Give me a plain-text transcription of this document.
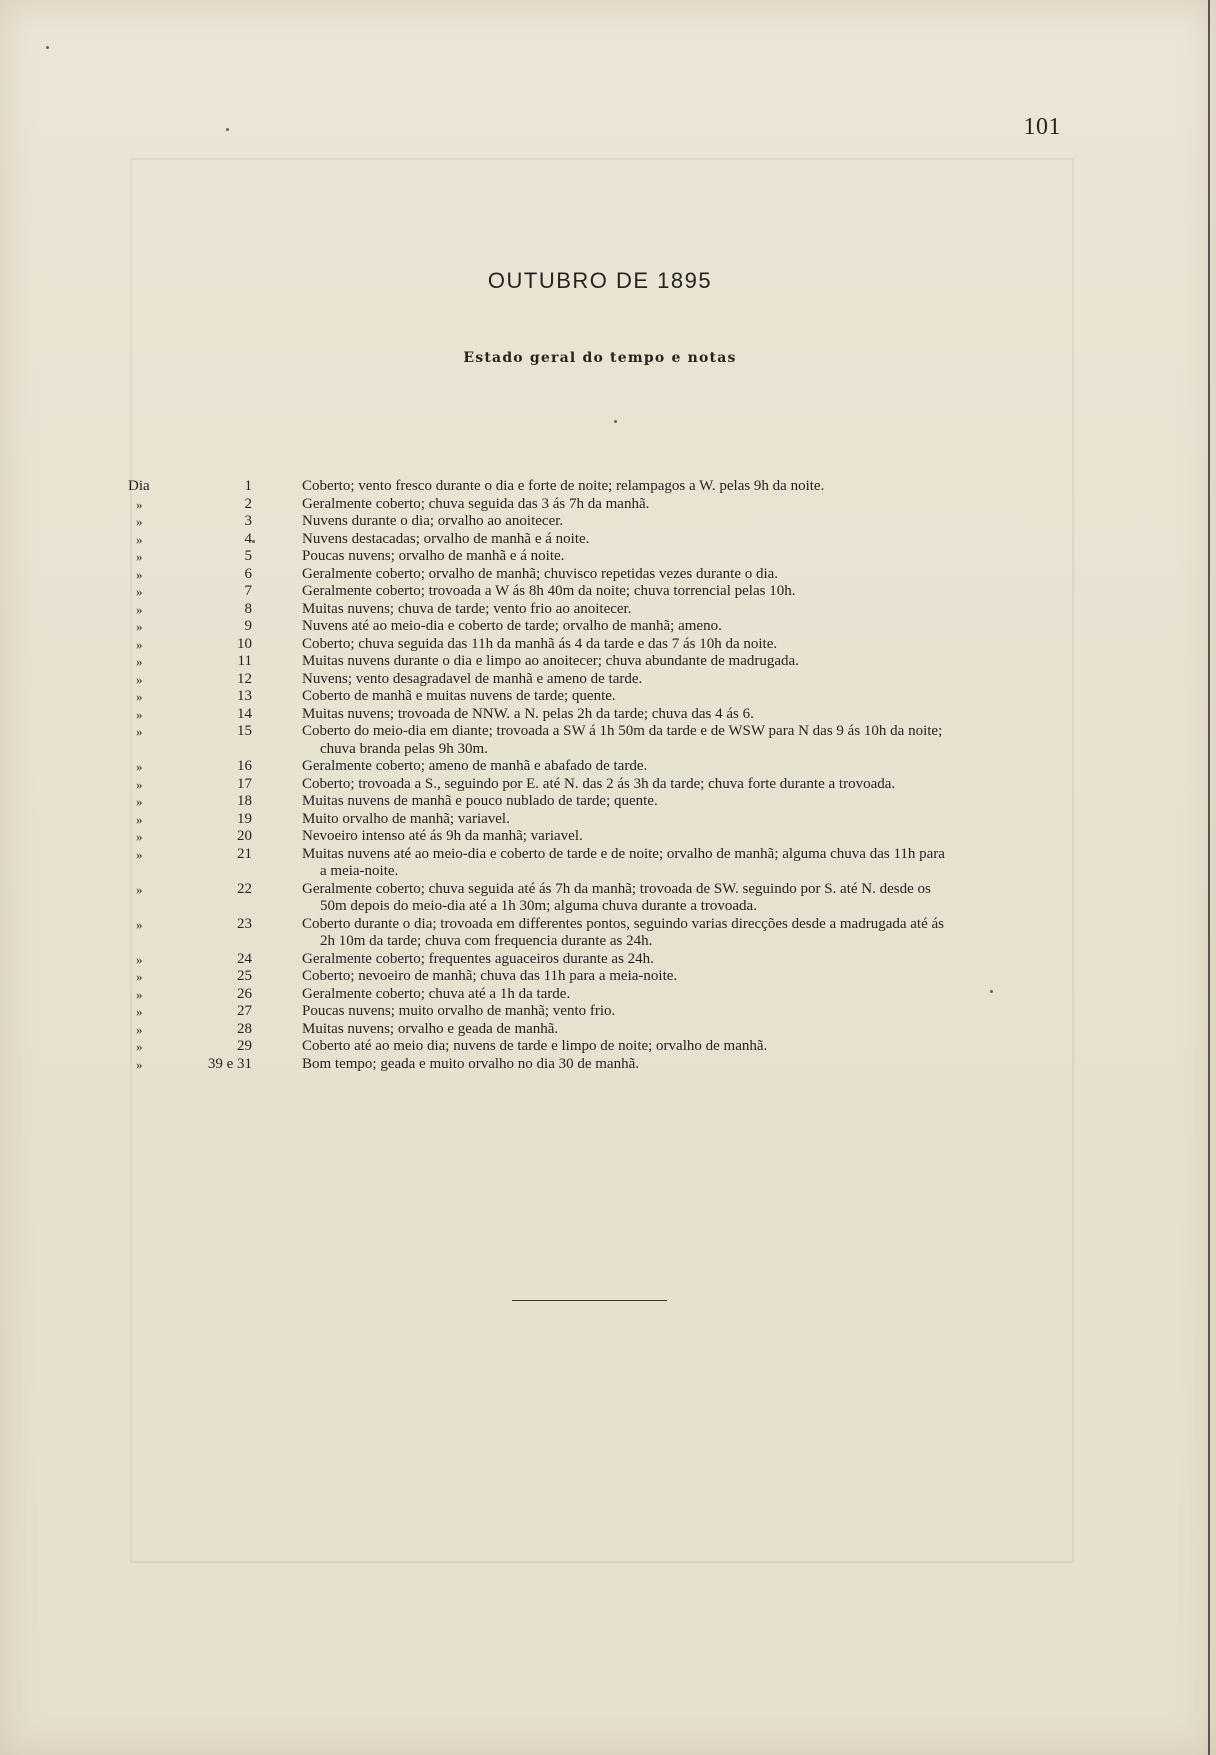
101
OUTUBRO DE 1895
Estado geral do tempo e notas
Dia	1	Coberto; vento fresco durante o dia e forte de noite; relampagos a W. pelas 9h da noite.
»	2	Geralmente coberto; chuva seguida das 3 ás 7h da manhã.
»	3	Nuvens durante o dia; orvalho ao anoitecer.
»	4	Nuvens destacadas; orvalho de manhã e á noite.
»	5	Poucas nuvens; orvalho de manhã e á noite.
»	6	Geralmente coberto; orvalho de manhã; chuvisco repetidas vezes durante o dia.
»	7	Geralmente coberto; trovoada a W ás 8h 40m da noite; chuva torrencial pelas 10h.
»	8	Muitas nuvens; chuva de tarde; vento frio ao anoitecer.
»	9	Nuvens até ao meio-dia e coberto de tarde; orvalho de manhã; ameno.
»	10	Coberto; chuva seguida das 11h da manhã ás 4 da tarde e das 7 ás 10h da noite.
»	11	Muitas nuvens durante o dia e limpo ao anoitecer; chuva abundante de madrugada.
»	12	Nuvens; vento desagradavel de manhã e ameno de tarde.
»	13	Coberto de manhã e muitas nuvens de tarde; quente.
»	14	Muitas nuvens; trovoada de NNW. a N. pelas 2h da tarde; chuva das 4 ás 6.
»	15	Coberto do meio-dia em diante; trovoada a SW á 1h 50m da tarde e de WSW para N das 9 ás 10h da noite;
chuva branda pelas 9h 30m.
»	16	Geralmente coberto; ameno de manhã e abafado de tarde.
»	17	Coberto; trovoada a S., seguindo por E. até N. das 2 ás 3h da tarde; chuva forte durante a trovoada.
»	18	Muitas nuvens de manhã e pouco nublado de tarde; quente.
»	19	Muito orvalho de manhã; variavel.
»	20	Nevoeiro intenso até ás 9h da manhã; variavel.
»	21	Muitas nuvens até ao meio-dia e coberto de tarde e de noite; orvalho de manhã; alguma chuva das 11h para
a meia-noite.
»	22	Geralmente coberto; chuva seguida até ás 7h da manhã; trovoada de SW. seguindo por S. até N. desde os
50m depois do meio-dia até a 1h 30m; alguma chuva durante a trovoada.
»	23	Coberto durante o dia; trovoada em differentes pontos, seguindo varias direcções desde a madrugada até ás
2h 10m da tarde; chuva com frequencia durante as 24h.
»	24	Geralmente coberto; frequentes aguaceiros durante as 24h.
»	25	Coberto; nevoeiro de manhã; chuva das 11h para a meia-noite.
»	26	Geralmente coberto; chuva até a 1h da tarde.
»	27	Poucas nuvens; muito orvalho de manhã; vento frio.
»	28	Muitas nuvens; orvalho e geada de manhã.
»	29	Coberto até ao meio dia; nuvens de tarde e limpo de noite; orvalho de manhã.
»	39 e 31	Bom tempo; geada e muito orvalho no dia 30 de manhã.
